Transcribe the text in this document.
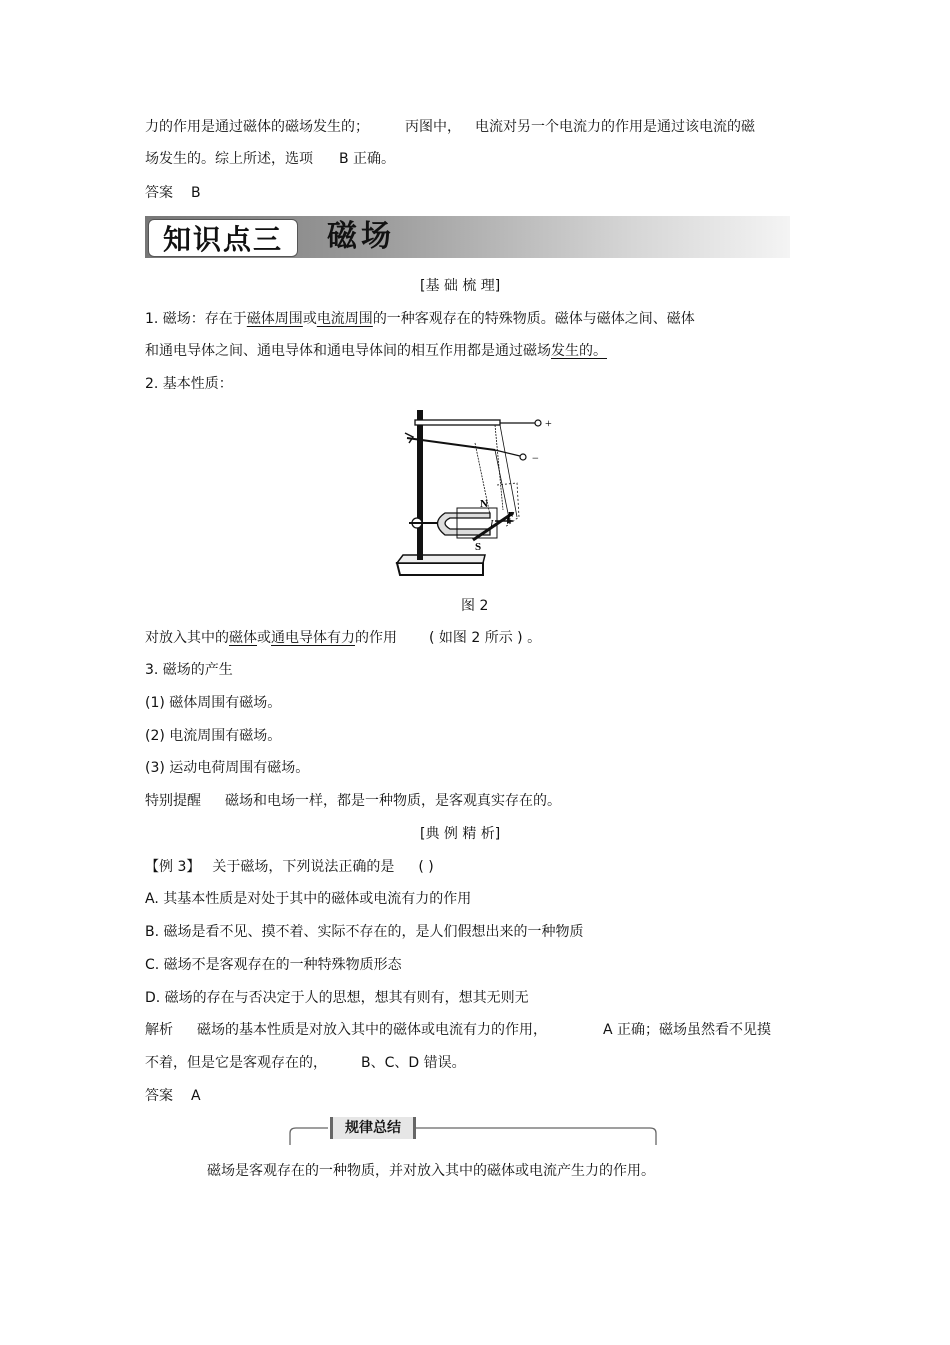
力的作用是通过磁体的磁场发生的；	丙图中， 电流对另一个电流力的作用是通过该电流的磁
场发生的。综上所述，选项 B 正确。
答案 B
知识点三	磁场
[基 础 梳 理]
1. 磁场：存在于磁体周围或电流周围的一种客观存在的特殊物质。磁体与磁体之间、磁体
和通电导体之间、通电导体和通电导体间的相互作用都是通过磁场发生的。
2. 基本性质：
+
−
N
S
F
I
图 2
对放入其中的磁体或通电导体有力的作用 ( 如图 2 所示 ) 。
3. 磁场的产生
(1) 磁体周围有磁场。
(2) 电流周围有磁场。
(3) 运动电荷周围有磁场。
特别提醒 磁场和电场一样，都是一种物质，是客观真实存在的。
[典 例 精 析]
【例 3】 关于磁场，下列说法正确的是 ( )
A. 其基本性质是对处于其中的磁体或电流有力的作用
B. 磁场是看不见、摸不着、实际不存在的，是人们假想出来的一种物质
C. 磁场不是客观存在的一种特殊物质形态
D. 磁场的存在与否决定于人的思想，想其有则有，想其无则无
解析 磁场的基本性质是对放入其中的磁体或电流有力的作用，	A 正确；磁场虽然看不见摸
不着，但是它是客观存在的， B、C、D 错误。
答案 A
规律总结
磁场是客观存在的一种物质，并对放入其中的磁体或电流产生力的作用。
